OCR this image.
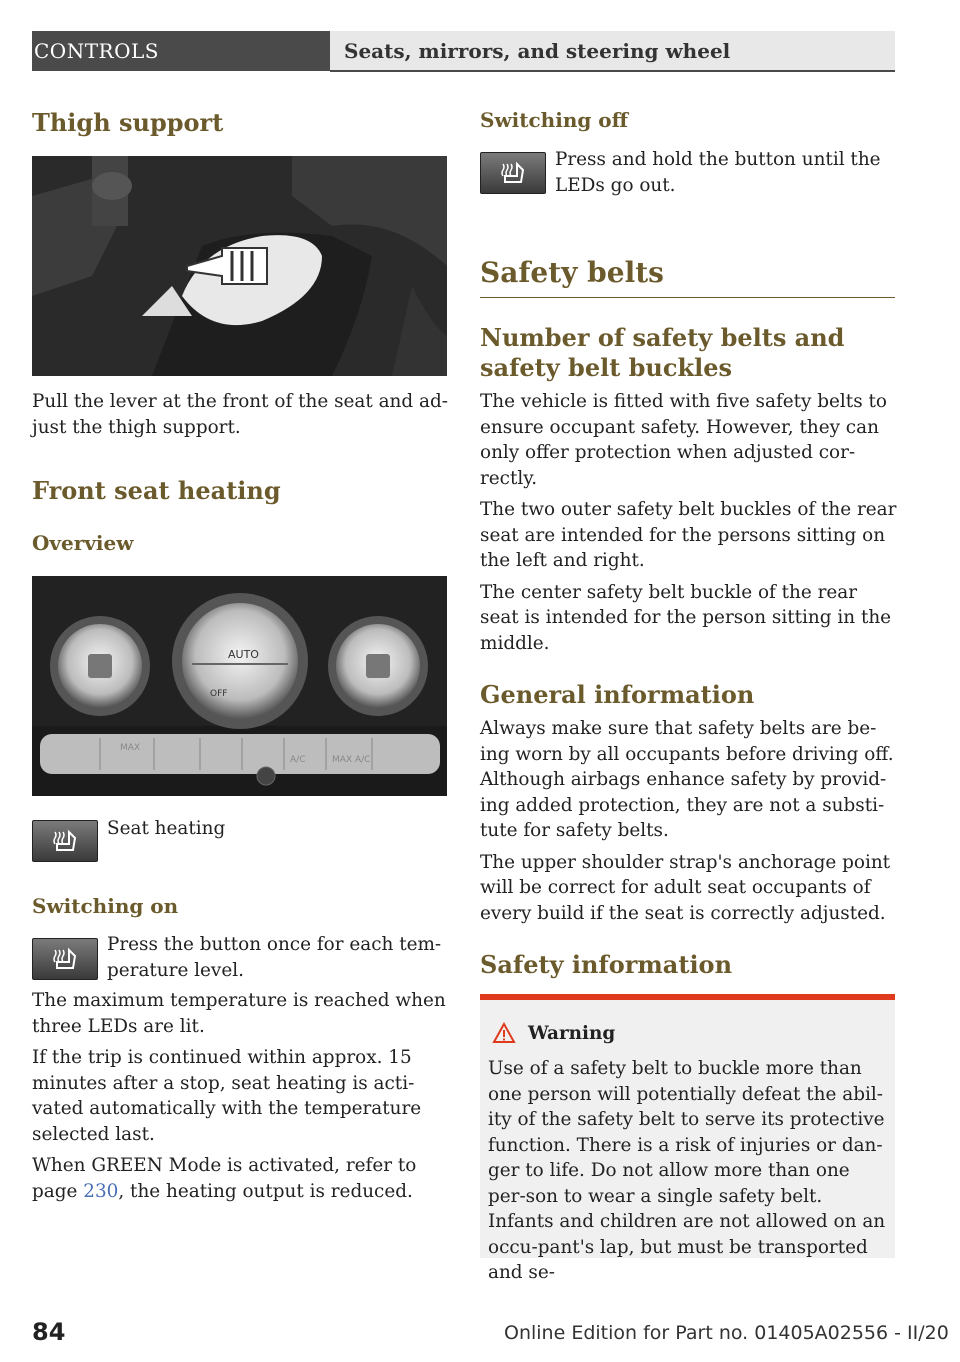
CONTROLS	Seats, mirrors, and steering wheel
Thigh support

Pull the lever at the front of the seat and ad-just the thigh support.

Front seat heating
Overview
AUTO
OFF
MAX
A/C	MAX A/C
Seat heating
Switching on
Press the button once for each tem-perature level.

The maximum temperature is reached when three LEDs are lit.

If the trip is continued within approx. 15 minutes after a stop, seat heating is acti-vated automatically with the temperature selected last.

When GREEN Mode is activated, refer to page 230, the heating output is reduced.

Switching off
Press and hold the button until the LEDs go out.
Safety belts
Number of safety belts and safety belt buckles

The vehicle is fitted with five safety belts to ensure occupant safety. However, they can only offer protection when adjusted cor-rectly.

The two outer safety belt buckles of the rear seat are intended for the persons sitting on the left and right.

The center safety belt buckle of the rear seat is intended for the person sitting in the middle.

General information

Always make sure that safety belts are be-ing worn by all occupants before driving off. Although airbags enhance safety by provid-ing added protection, they are not a substi-tute for safety belts.

The upper shoulder strap's anchorage point will be correct for adult seat occupants of every build if the seat is correctly adjusted.

Safety information
Warning
Use of a safety belt to buckle more than one person will potentially defeat the abil-ity of the safety belt to serve its protective function. There is a risk of injuries or dan-ger to life. Do not allow more than one per-son to wear a single safety belt. Infants and children are not allowed on an occu-pant's lap, but must be transported and se-
84	Online Edition for Part no. 01405A02556 - II/20
